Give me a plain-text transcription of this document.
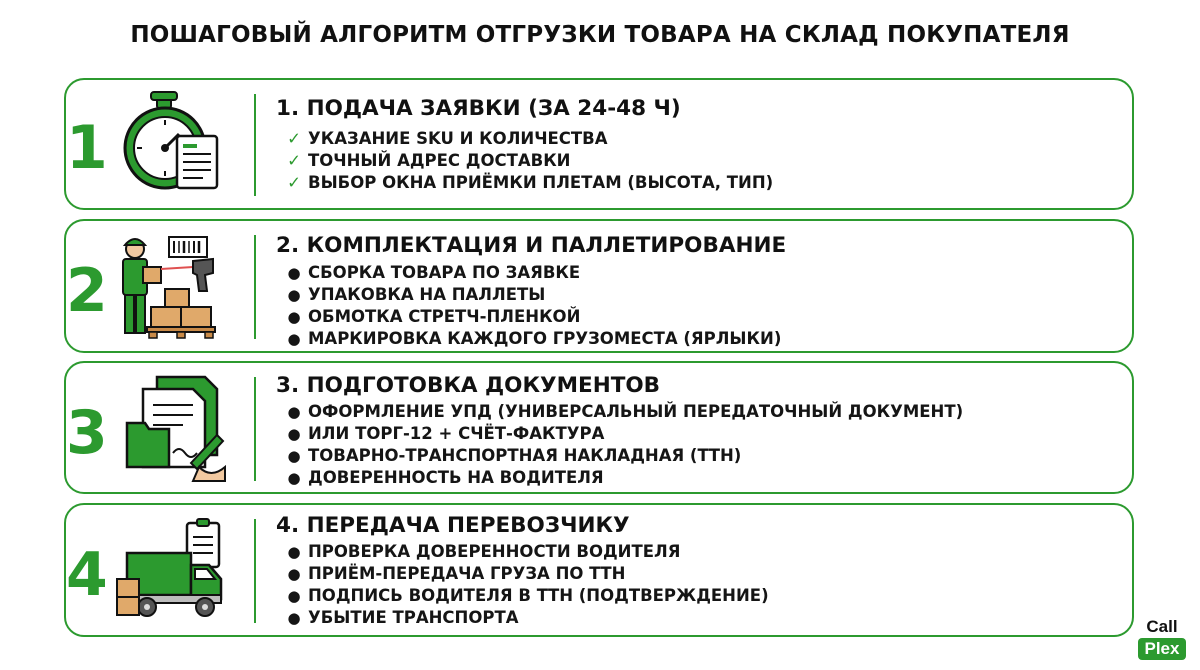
ПОШАГОВЫЙ АЛГОРИТМ ОТГРУЗКИ ТОВАРА НА СКЛАД ПОКУПАТЕЛЯ
1
1. ПОДАЧА ЗАЯВКИ (ЗА 24-48 Ч)
✓ УКАЗАНИЕ SKU И КОЛИЧЕСТВА
✓ ТОЧНЫЙ АДРЕС ДОСТАВКИ
✓ ВЫБОР ОКНА ПРИЁМКИ ПЛЕТАМ (ВЫСОТА, ТИП)
2
2. КОМПЛЕКТАЦИЯ И ПАЛЛЕТИРОВАНИЕ
● СБОРКА ТОВАРА ПО ЗАЯВКЕ
● УПАКОВКА НА ПАЛЛЕТЫ
● ОБМОТКА СТРЕТЧ-ПЛЕНКОЙ
● МАРКИРОВКА КАЖДОГО ГРУЗОМЕСТА (ЯРЛЫКИ)
3
3. ПОДГОТОВКА ДОКУМЕНТОВ
● ОФОРМЛЕНИЕ УПД (УНИВЕРСАЛЬНЫЙ ПЕРЕДАТОЧНЫЙ ДОКУМЕНТ)
● ИЛИ ТОРГ-12 + СЧЁТ-ФАКТУРА
● ТОВАРНО-ТРАНСПОРТНАЯ НАКЛАДНАЯ (ТТН)
● ДОВЕРЕННОСТЬ НА ВОДИТЕЛЯ
4
4. ПЕРЕДАЧА ПЕРЕВОЗЧИКУ
● ПРОВЕРКА ДОВЕРЕННОСТИ ВОДИТЕЛЯ
● ПРИЁМ-ПЕРЕДАЧА ГРУЗА ПО ТТН
● ПОДПИСЬ ВОДИТЕЛЯ В ТТН (ПОДТВЕРЖДЕНИЕ)
● УБЫТИЕ ТРАНСПОРТА	Call
Plex
